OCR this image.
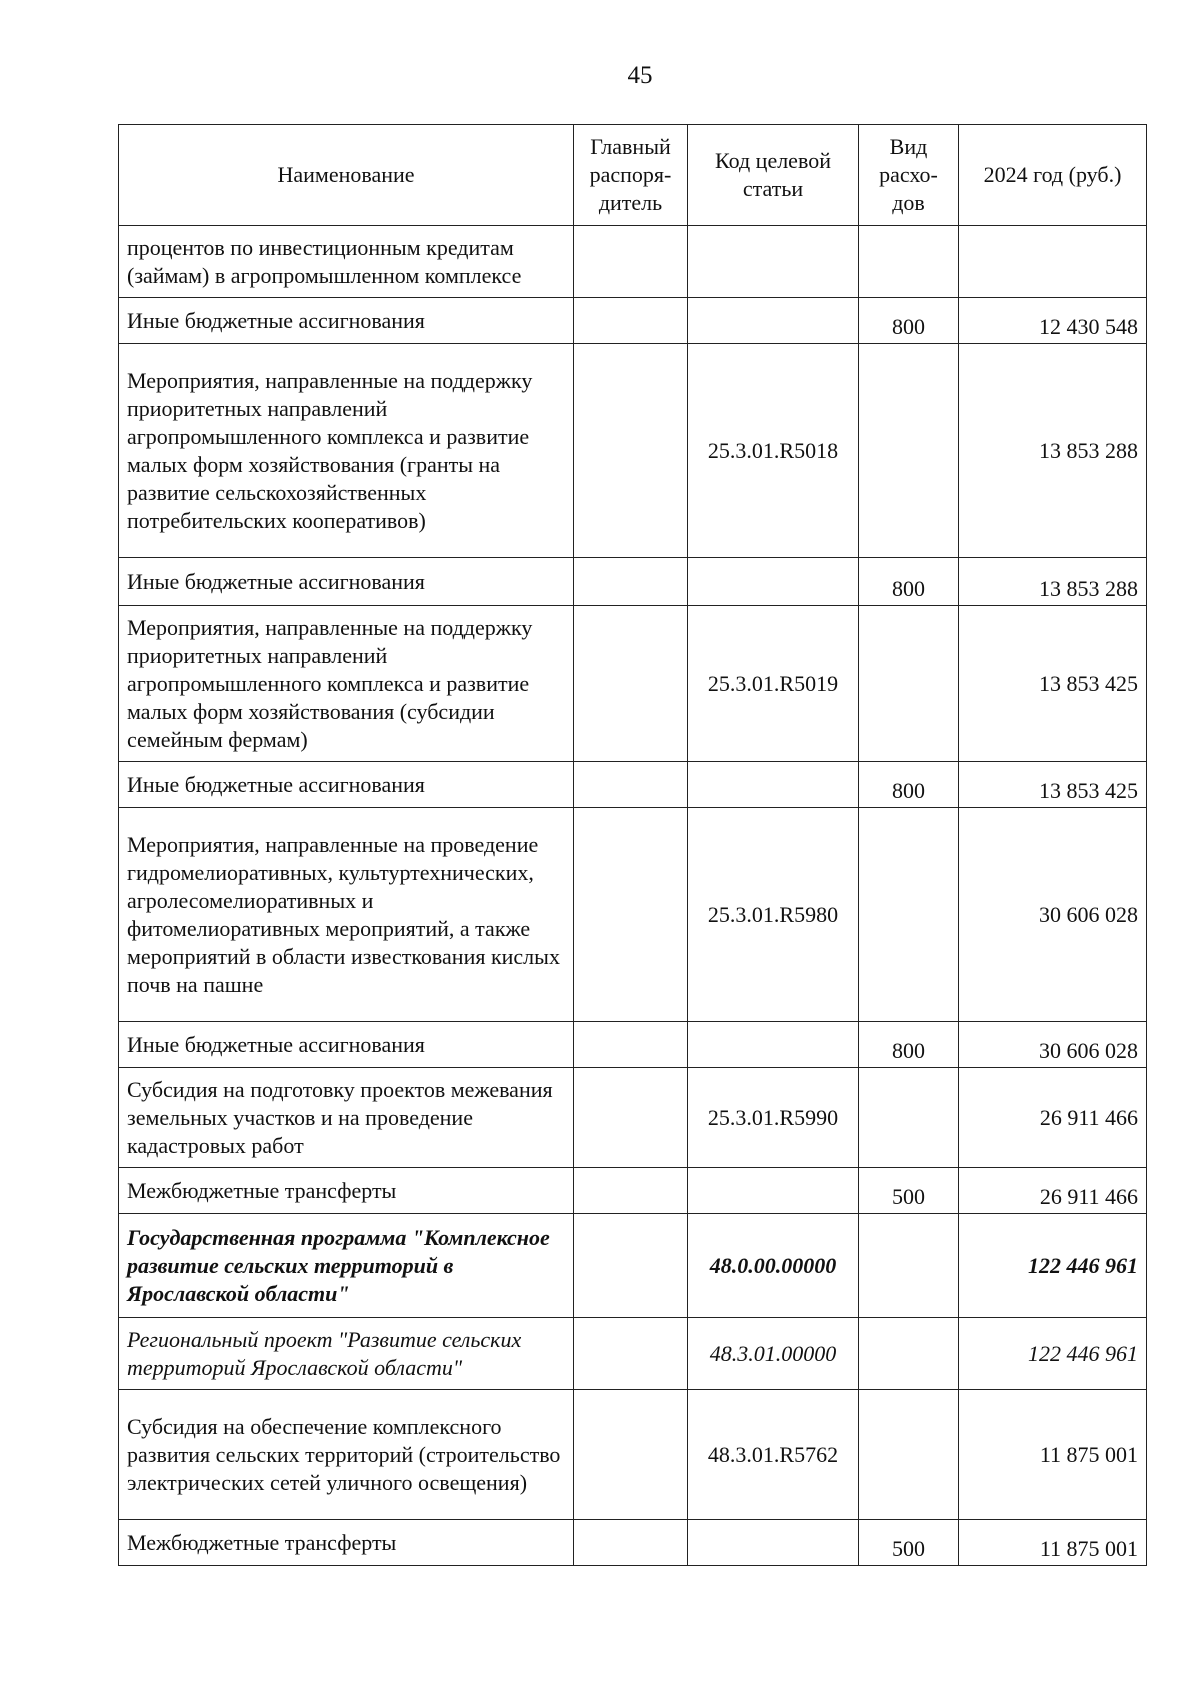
45
Наименование	Главный распоря-дитель	Код целевой статьи	Вид расхо-дов	2024 год (руб.)
процентов по инвестиционным кредитам (займам) в агропромышленном комплексе				
Иные бюджетные ассигнования			800	12 430 548
Мероприятия, направленные на поддержку приоритетных направлений агропромышленного комплекса и развитие малых форм хозяйствования (гранты на развитие сельскохозяйственных потребительских кооперативов)		25.3.01.R5018		13 853 288
Иные бюджетные ассигнования			800	13 853 288
Мероприятия, направленные на поддержку приоритетных направлений агропромышленного комплекса и развитие малых форм хозяйствования (субсидии семейным фермам)		25.3.01.R5019		13 853 425
Иные бюджетные ассигнования			800	13 853 425
Мероприятия, направленные на проведение гидромелиоративных, культуртехнических, агролесомелиоративных и фитомелиоративных мероприятий, а также мероприятий в области известкования кислых почв на пашне		25.3.01.R5980		30 606 028
Иные бюджетные ассигнования			800	30 606 028
Субсидия на подготовку проектов межевания земельных участков и на проведение кадастровых работ		25.3.01.R5990		26 911 466
Межбюджетные трансферты			500	26 911 466
Государственная программа "Комплексное развитие сельских территорий в Ярославской области"		48.0.00.00000		122 446 961
Региональный проект "Развитие сельских территорий Ярославской области"		48.3.01.00000		122 446 961
Субсидия на обеспечение комплексного развития сельских территорий (строительство электрических сетей уличного освещения)		48.3.01.R5762		11 875 001
Межбюджетные трансферты			500	11 875 001
